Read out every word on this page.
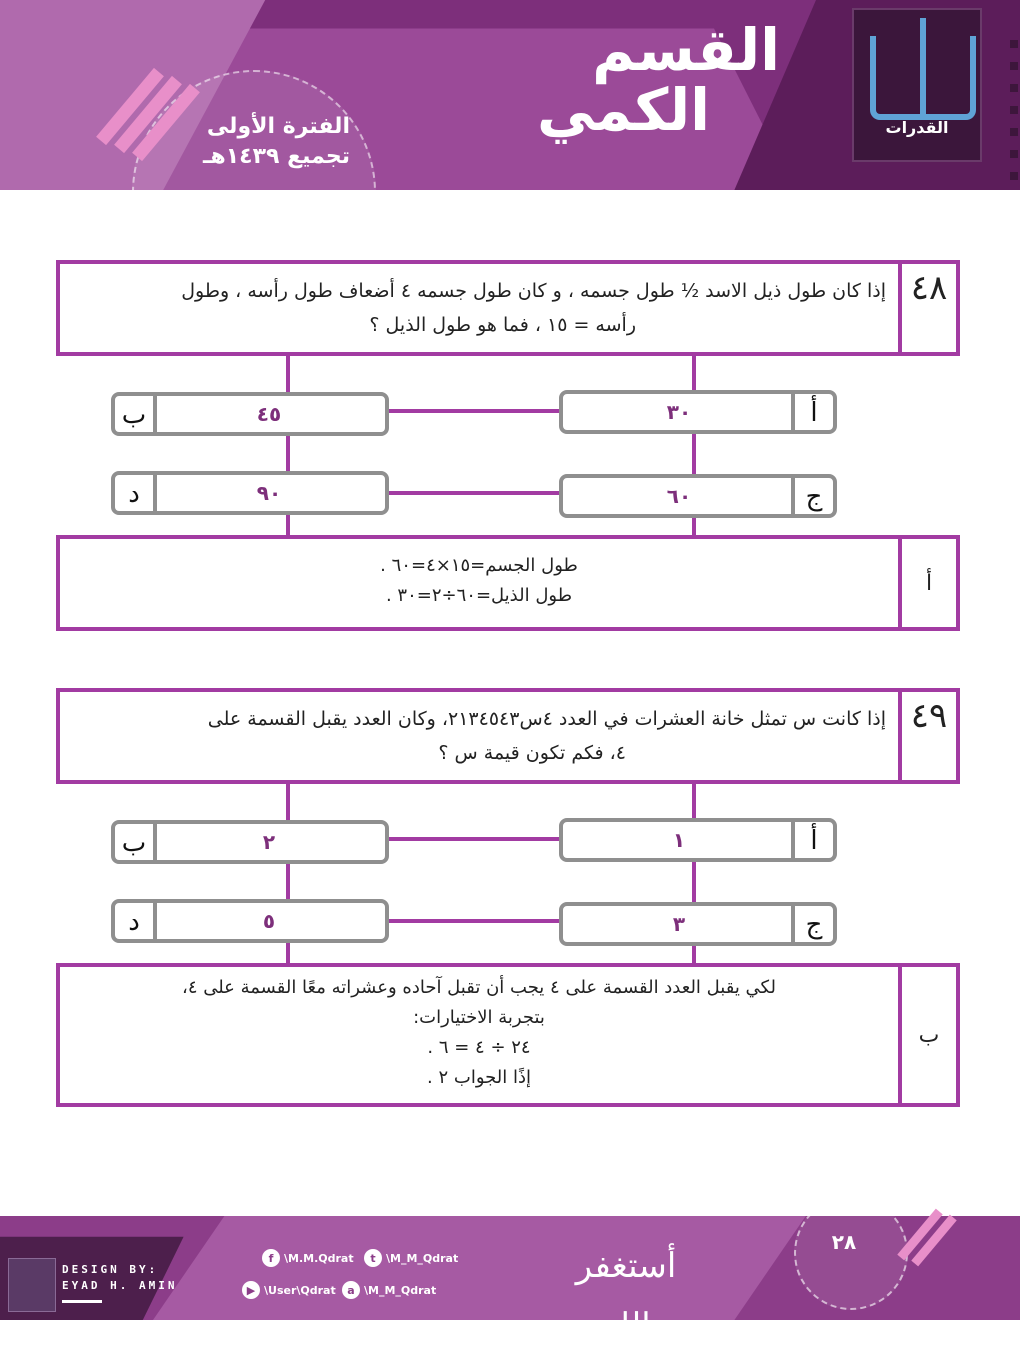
الفترة الأولى
تجميع ١٤٣٩هـ
القسم
الكمي	القدرات
٤٨
إذا كان طول ذيل الاسد ½ طول جسمه ، و كان طول جسمه ٤ أضعاف طول رأسه ، وطول
رأسه = ١٥ ، فما هو طول الذيل ؟
أ
٣٠
ب	٤٥
ج
٦٠
د	٩٠
أ
طول الجسم=١٥×٤=٦٠ .
طول الذيل=٦٠÷٢=٣٠ .
٤٩
إذا كانت س تمثل خانة العشرات في العدد ٤س٢١٣٤٥٤٣، وكان العدد يقبل القسمة على
٤، فكم تكون قيمة س ؟
أ
١
ب	٢
ج
٣
د	٥
ب
لكي يقبل العدد القسمة على ٤ يجب أن تقبل آحاده وعشراته معًا القسمة على ٤،
بتجربة الاختيارات:
٢٤ ÷ ٤ = ٦ .
إذًا الجواب ٢ .
DESIGN BY:
EYAD H. AMIN
f \M.M.Qdrat	t \M_M_Qdrat
▶ \User\Qdrat	a \M_M_Qdrat
أستغفر الله
٢٨
